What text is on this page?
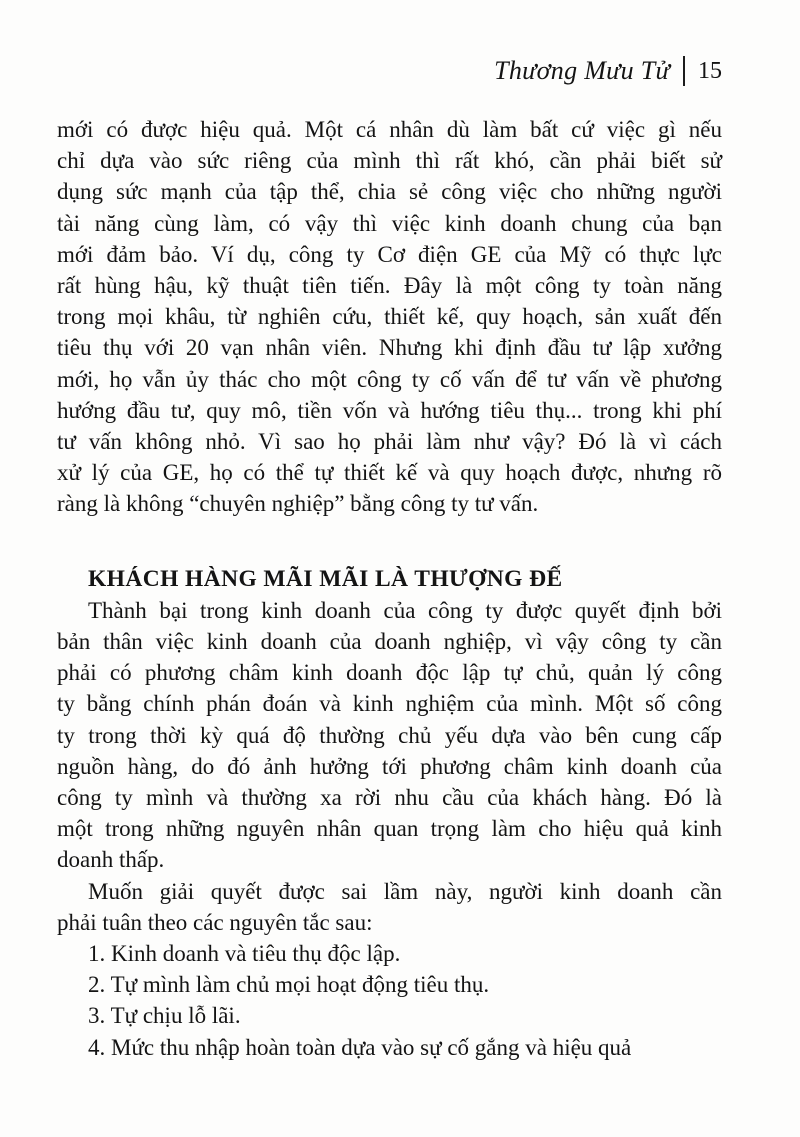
Thương Mưu Tử 15
mới có được hiệu quả. Một cá nhân dù làm bất cứ việc gì nếu
chỉ dựa vào sức riêng của mình thì rất khó, cần phải biết sử
dụng sức mạnh của tập thể, chia sẻ công việc cho những người
tài năng cùng làm, có vậy thì việc kinh doanh chung của bạn
mới đảm bảo. Ví dụ, công ty Cơ điện GE của Mỹ có thực lực
rất hùng hậu, kỹ thuật tiên tiến. Đây là một công ty toàn năng
trong mọi khâu, từ nghiên cứu, thiết kế, quy hoạch, sản xuất đến
tiêu thụ với 20 vạn nhân viên. Nhưng khi định đầu tư lập xưởng
mới, họ vẫn ủy thác cho một công ty cố vấn để tư vấn về phương
hướng đầu tư, quy mô, tiền vốn và hướng tiêu thụ... trong khi phí
tư vấn không nhỏ. Vì sao họ phải làm như vậy? Đó là vì cách
xử lý của GE, họ có thể tự thiết kế và quy hoạch được, nhưng rõ
ràng là không “chuyên nghiệp” bằng công ty tư vấn.
KHÁCH HÀNG MÃI MÃI LÀ THƯỢNG ĐẾ
Thành bại trong kinh doanh của công ty được quyết định bởi
bản thân việc kinh doanh của doanh nghiệp, vì vậy công ty cần
phải có phương châm kinh doanh độc lập tự chủ, quản lý công
ty bằng chính phán đoán và kinh nghiệm của mình. Một số công
ty trong thời kỳ quá độ thường chủ yếu dựa vào bên cung cấp
nguồn hàng, do đó ảnh hưởng tới phương châm kinh doanh của
công ty mình và thường xa rời nhu cầu của khách hàng. Đó là
một trong những nguyên nhân quan trọng làm cho hiệu quả kinh
doanh thấp.
Muốn giải quyết được sai lầm này, người kinh doanh cần
phải tuân theo các nguyên tắc sau:
1. Kinh doanh và tiêu thụ độc lập.
2. Tự mình làm chủ mọi hoạt động tiêu thụ.
3. Tự chịu lỗ lãi.
4. Mức thu nhập hoàn toàn dựa vào sự cố gắng và hiệu quả
